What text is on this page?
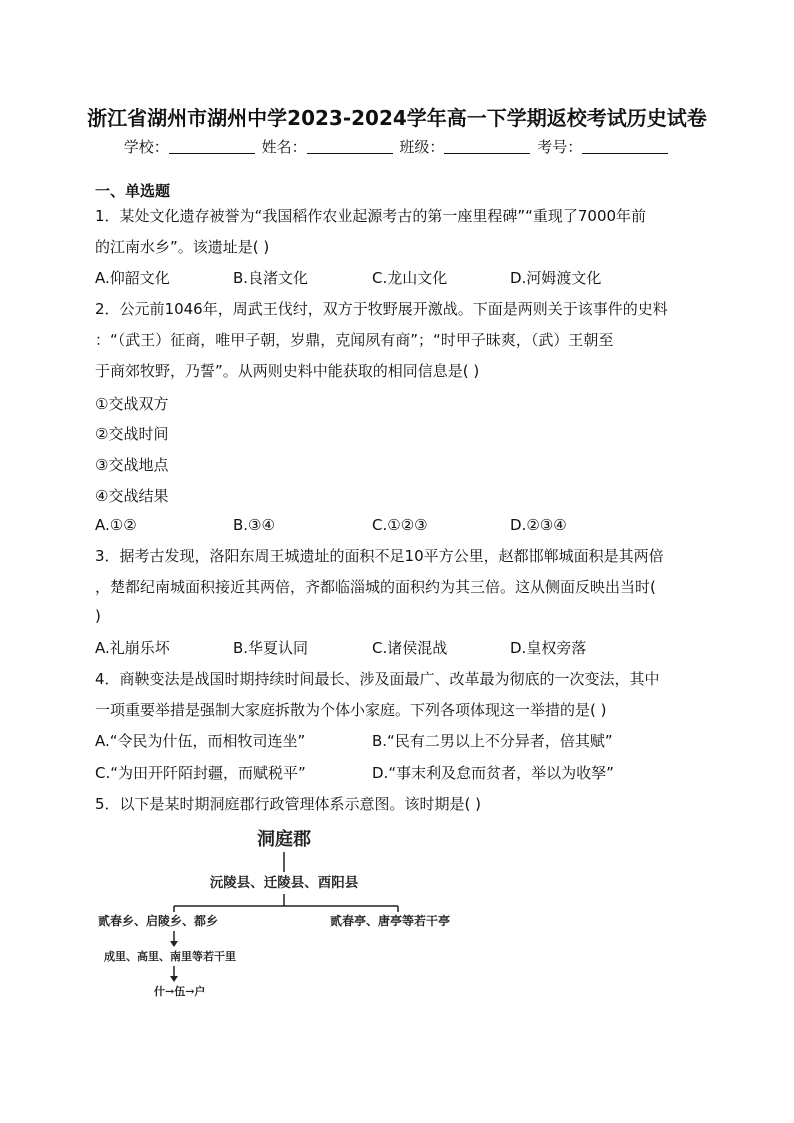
浙江省湖州市湖州中学2023-2024学年高一下学期返校考试历史试卷
学校：	姓名：	班级：	考号：
一、单选题
1．某处文化遗存被誉为“我国稻作农业起源考古的第一座里程碑”“重现了7000年前
的江南水乡”。该遗址是( )
A.仰韶文化	B.良渚文化	C.龙山文化	D.河姆渡文化
2．公元前1046年，周武王伐纣，双方于牧野展开激战。下面是两则关于该事件的史料
：“（武王）征商，唯甲子朝，岁鼎，克闻夙有商”；“时甲子昧爽，（武）王朝至
于商郊牧野，乃誓”。从两则史料中能获取的相同信息是( )
①交战双方
②交战时间
③交战地点
④交战结果
A.①②	B.③④	C.①②③	D.②③④
3．据考古发现，洛阳东周王城遗址的面积不足10平方公里，赵都邯郸城面积是其两倍
，楚都纪南城面积接近其两倍，齐都临淄城的面积约为其三倍。这从侧面反映出当时(
)
A.礼崩乐坏	B.华夏认同	C.诸侯混战	D.皇权旁落
4．商鞅变法是战国时期持续时间最长、涉及面最广、改革最为彻底的一次变法，其中
一项重要举措是强制大家庭拆散为个体小家庭。下列各项体现这一举措的是( )
A.“令民为什伍，而相牧司连坐”	B.“民有二男以上不分异者，倍其赋”
C.“为田开阡陌封疆，而赋税平”	D.“事末利及怠而贫者，举以为收孥”
5．以下是某时期洞庭郡行政管理体系示意图。该时期是( )
洞庭郡
沅陵县、迁陵县、酉阳县
贰春乡、启陵乡、都乡	贰春亭、唐亭等若干亭
成里、高里、南里等若干里
什→伍→户
